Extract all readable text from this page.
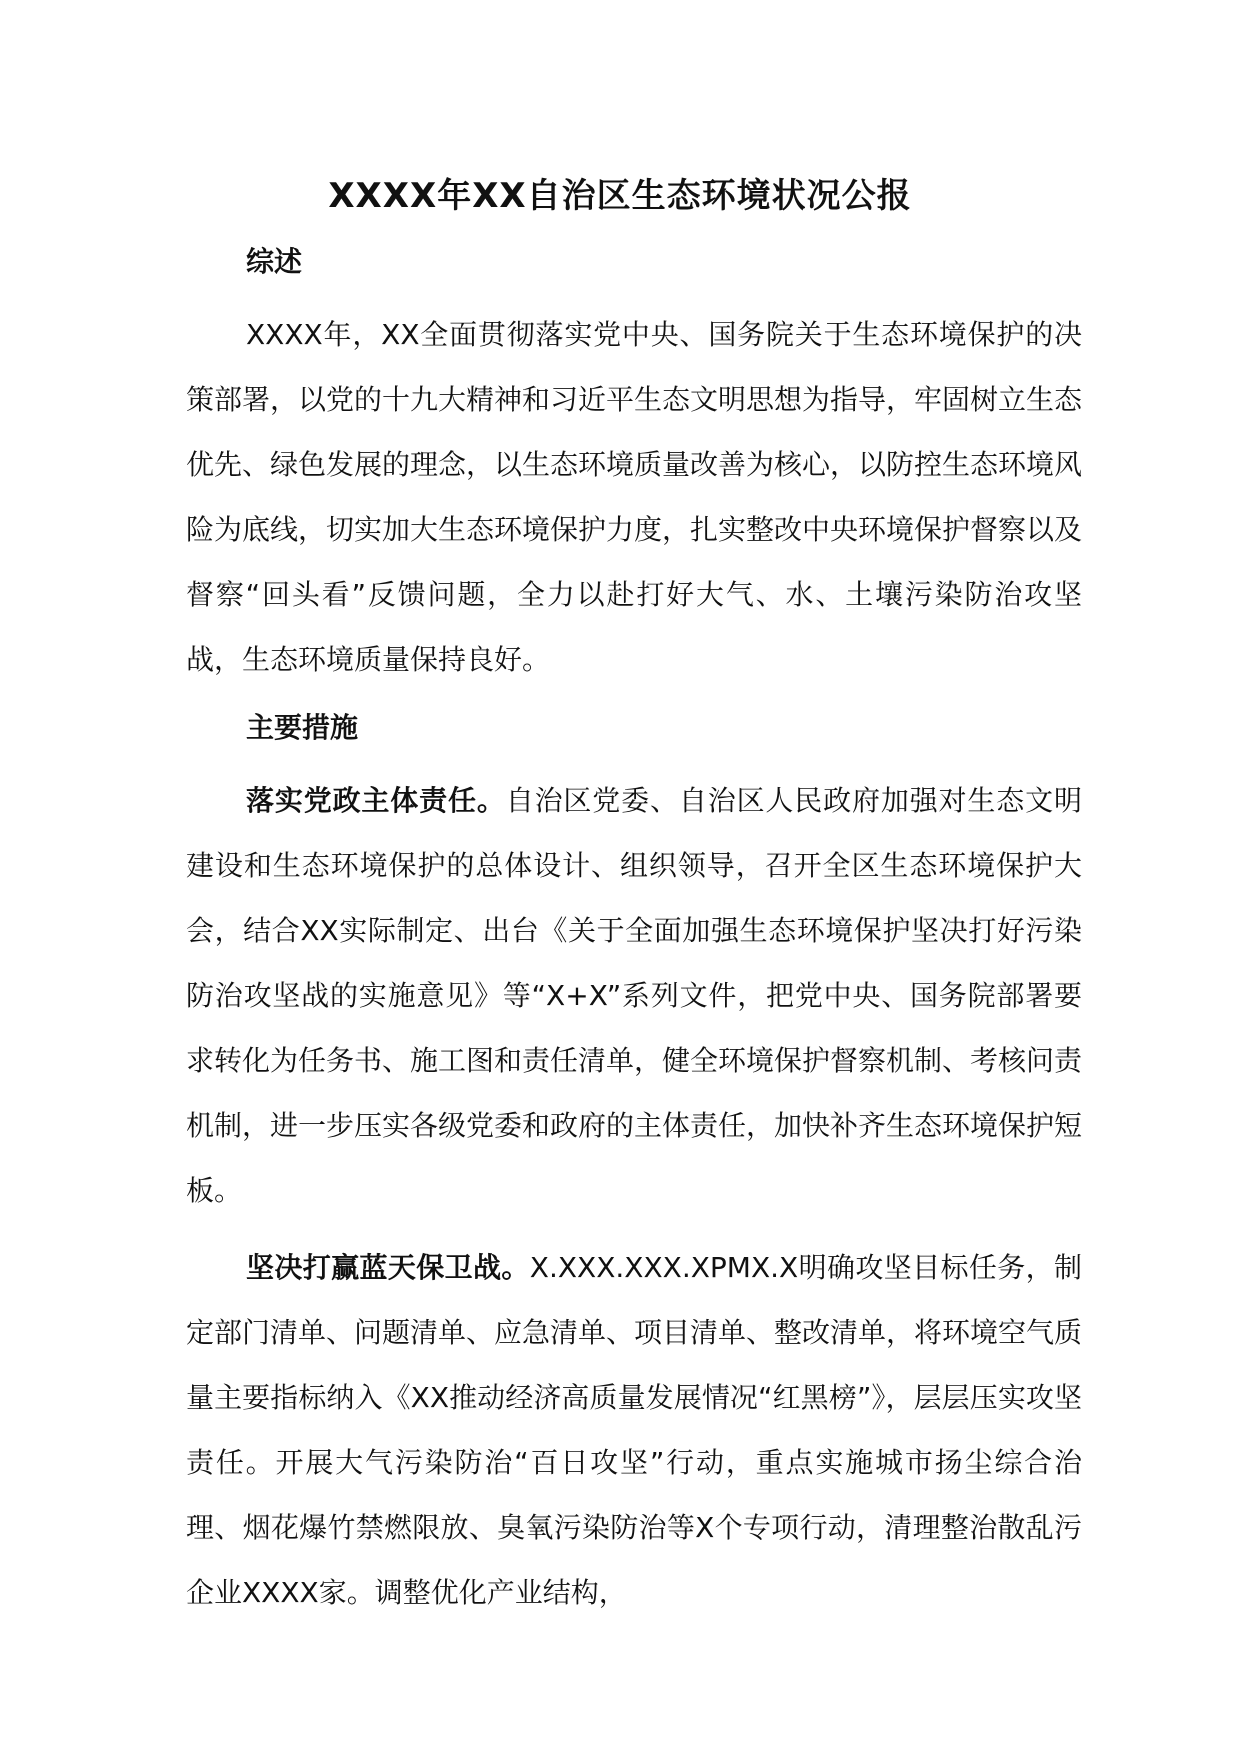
XXXX年XX自治区生态环境状况公报

综述

XXXX年，XX全面贯彻落实党中央、国务院关于生态环境保护的决策部署，以党的十九大精神和习近平生态文明思想为指导，牢固树立生态优先、绿色发展的理念，以生态环境质量改善为核心，以防控生态环境风险为底线，切实加大生态环境保护力度，扎实整改中央环境保护督察以及督察“回头看”反馈问题，全力以赴打好大气、水、土壤污染防治攻坚战，生态环境质量保持良好。

主要措施

落实党政主体责任。自治区党委、自治区人民政府加强对生态文明建设和生态环境保护的总体设计、组织领导，召开全区生态环境保护大会，结合XX实际制定、出台《关于全面加强生态环境保护坚决打好污染防治攻坚战的实施意见》等“X+X”系列文件，把党中央、国务院部署要求转化为任务书、施工图和责任清单，健全环境保护督察机制、考核问责机制，进一步压实各级党委和政府的主体责任，加快补齐生态环境保护短板。

坚决打赢蓝天保卫战。X.XXX.XXX.XPMX.X明确攻坚目标任务，制定部门清单、问题清单、应急清单、项目清单、整改清单，将环境空气质量主要指标纳入《XX推动经济高质量发展情况“红黑榜”》，层层压实攻坚责任。开展大气污染防治“百日攻坚”行动，重点实施城市扬尘综合治理、烟花爆竹禁燃限放、臭氧污染防治等X个专项行动，清理整治散乱污企业XXXX家。调整优化产业结构，
